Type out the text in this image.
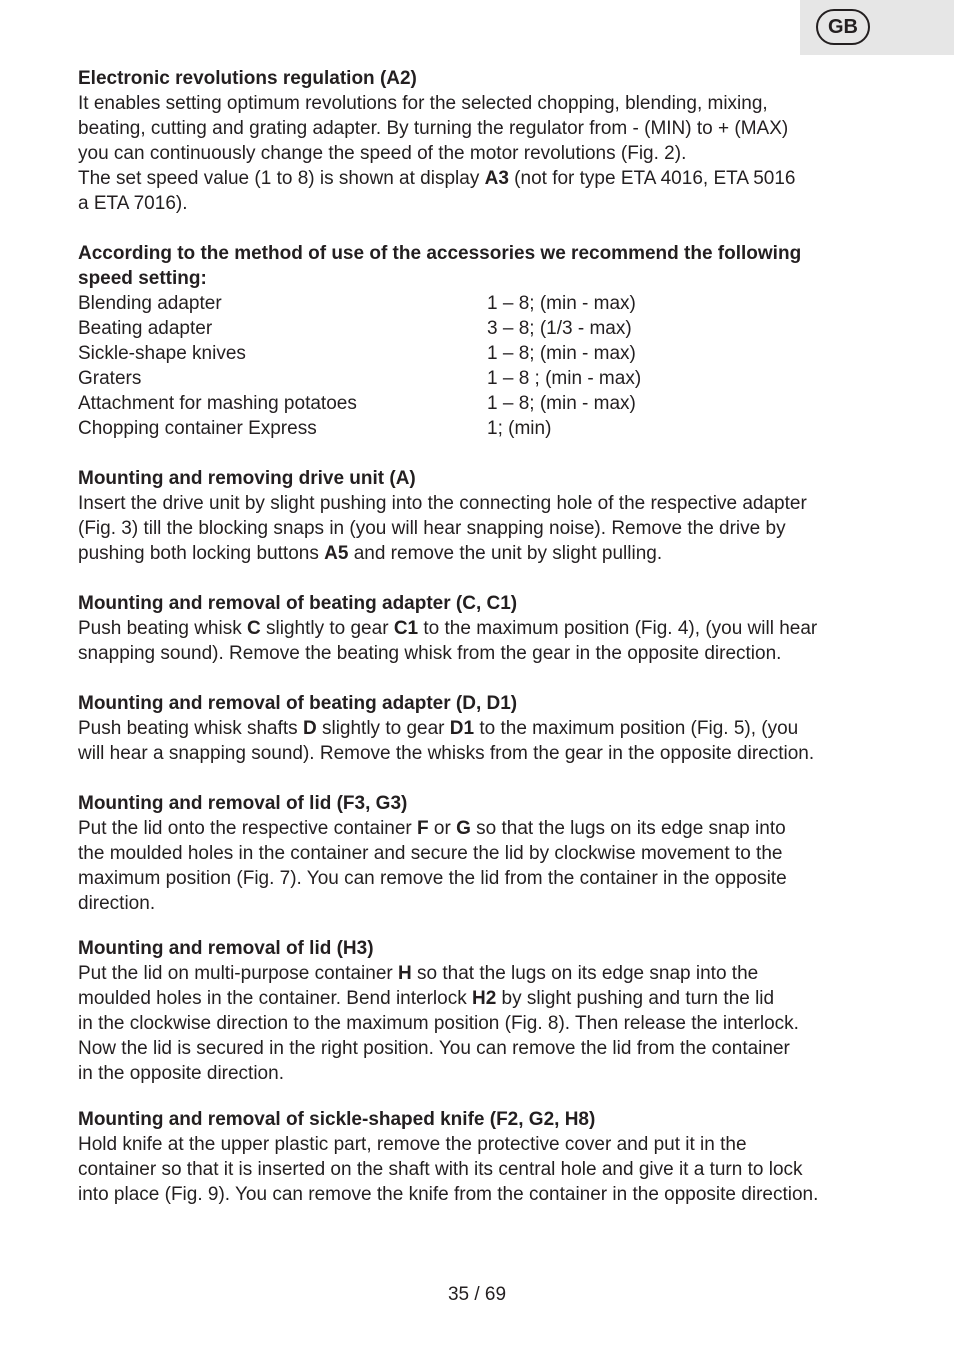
GB
Electronic revolutions regulation (A2)
It enables setting optimum revolutions for the selected chopping, blending, mixing,
beating, cutting and grating adapter. By turning the regulator from - (MIN) to + (MAX)
you can continuously change the speed of the motor revolutions (Fig. 2).
The set speed value (1 to 8) is shown at display A3 (not for type ETA 4016, ETA 5016
a ETA 7016).
According to the method of use of the accessories we recommend the following
speed setting:
Blending adapter	1 – 8; (min - max)
Beating adapter	3 – 8; (1/3 - max)
Sickle-shape knives	1 – 8; (min - max)
Graters	1 – 8 ; (min - max)
Attachment for mashing potatoes	1 – 8; (min - max)
Chopping container Express	1; (min)
Mounting and removing drive unit (A)
Insert the drive unit by slight pushing into the connecting hole of the respective adapter
(Fig. 3) till the blocking snaps in (you will hear snapping noise). Remove the drive by
pushing both locking buttons A5 and remove the unit by slight pulling.
Mounting and removal of beating adapter (C, C1)
Push beating whisk C slightly to gear C1 to the maximum position (Fig. 4), (you will hear
snapping sound). Remove the beating whisk from the gear in the opposite direction.
Mounting and removal of beating adapter (D, D1)
Push beating whisk shafts D slightly to gear D1 to the maximum position (Fig. 5), (you
will hear a snapping sound). Remove the whisks from the gear in the opposite direction.
Mounting and removal of lid (F3, G3)
Put the lid onto the respective container F or G so that the lugs on its edge snap into
the moulded holes in the container and secure the lid by clockwise movement to the
maximum position (Fig. 7). You can remove the lid from the container in the opposite
direction.
Mounting and removal of lid (H3)
Put the lid on multi-purpose container H so that the lugs on its edge snap into the
moulded holes in the container. Bend interlock H2 by slight pushing and turn the lid
in the clockwise direction to the maximum position (Fig. 8). Then release the interlock.
Now the lid is secured in the right position. You can remove the lid from the container
in the opposite direction.
Mounting and removal of sickle-shaped knife (F2, G2, H8)
Hold knife at the upper plastic part, remove the protective cover and put it in the
container so that it is inserted on the shaft with its central hole and give it a turn to lock
into place (Fig. 9). You can remove the knife from the container in the opposite direction.
35 / 69
